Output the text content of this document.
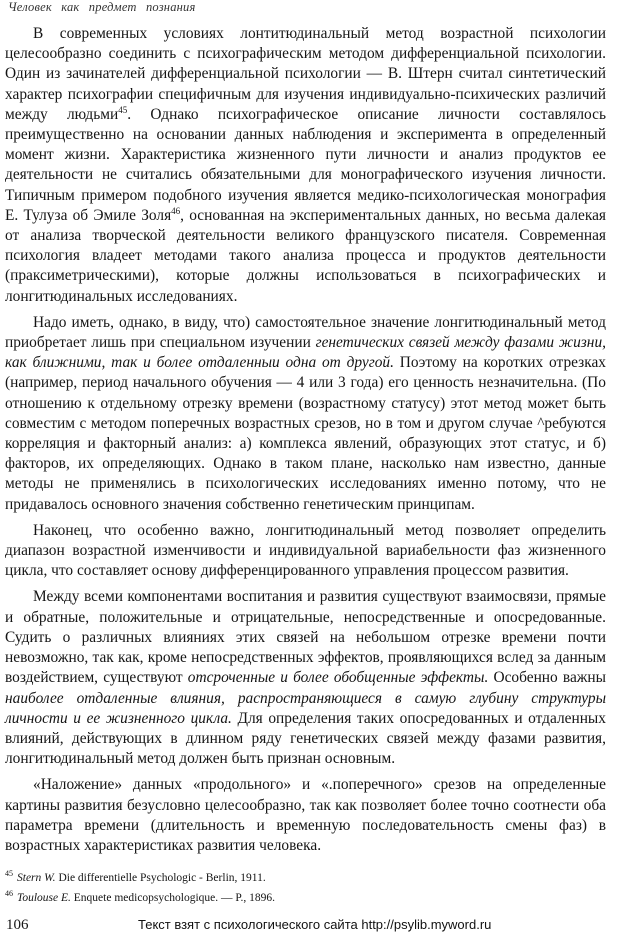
Человек как предмет познания

В современных условиях лонтитюдинальный метод возрастной психологии целесообразно соединить с психографическим методом дифференциальной психологии. Один из зачинателей дифференциальной психологии — В. Штерн считал синтетический характер психографии специфичным для изучения индивидуально-психических различий между людьми$^{45}$. Однако психографическое описание личности составлялось преимущественно на основании данных наблюдения и эксперимента в определенный момент жизни. Характеристика жизненного пути личности и анализ продуктов ее деятельности не считались обязательными для монографического изучения личности. Типичным примером подобного изучения является медико-психологическая монография Е. Тулуза об Эмиле Золя$^{46}$, основанная на экспериментальных данных, но весьма далекая от анализа творческой деятельности великого французского писателя. Современная психология владеет методами такого анализа процесса и продуктов деятельности (праксиметрическими), которые должны использоваться в психографических и лонгитюдинальных исследованиях.

Надо иметь, однако, в виду, что) самостоятельное значение лонгитюдинальный метод приобретает лишь при специальном изучении генетических связей между фазами жизни, как ближними, так и более отдаленныи одна от другой. Поэтому на коротких отрезках (например, период начального обучения — 4 или 3 года) его ценность незначительна. (По отношению к отдельному отрезку времени (возрастному статусу) этот метод может быть совместим с методом поперечных возрастных срезов, но в том и другом случае ^ребуются корреляция и факторный анализ: а) комплекса явлений, образующих этот статус, и б) факторов, их определяющих. Однако в таком плане, насколько нам известно, данные методы не применялись в психологических исследованиях именно потому, что не придавалось основного значения собственно генетическим принципам.

Наконец, что особенно важно, лонгитюдинальный метод позволяет определить диапазон возрастной изменчивости и индивидуальной вариабельности фаз жизненного цикла, что составляет основу дифференцированного управления процессом развития.

Между всеми компонентами воспитания и развития существуют взаимосвязи, прямые и обратные, положительные и отрицательные, непосредственные и опосредованные. Судить о различных влияниях этих связей на небольшом отрезке времени почти невозможно, так как, кроме непосредственных эффектов, проявляющихся вслед за данным воздействием, существуют отсроченные и более обобщенные эффекты. Особенно важны наиболее отдаленные влияния, распространяющиеся в самую глубину структуры личности и ее жизненного цикла. Для определения таких опосредованных и отдаленных влияний, действующих в длинном ряду генетических связей между фазами развития, лонгитюдинальный метод должен быть признан основным.

«Наложение» данных «продольного» и «.поперечного» срезов на определенные картины развития безусловно целесообразно, так как позволяет более точно соотнести оба параметра времени (длительность и временную последовательность смены фаз) в возрастных характеристиках развития человека.

$^{45}$ Stern W. Die differentielle Psychologic - Berlin, 1911.
$^{46}$ Toulouse E. Enquete medicopsychologique. — P., 1896.
106	Текст взят с психологического сайта http://psylib.myword.ru
